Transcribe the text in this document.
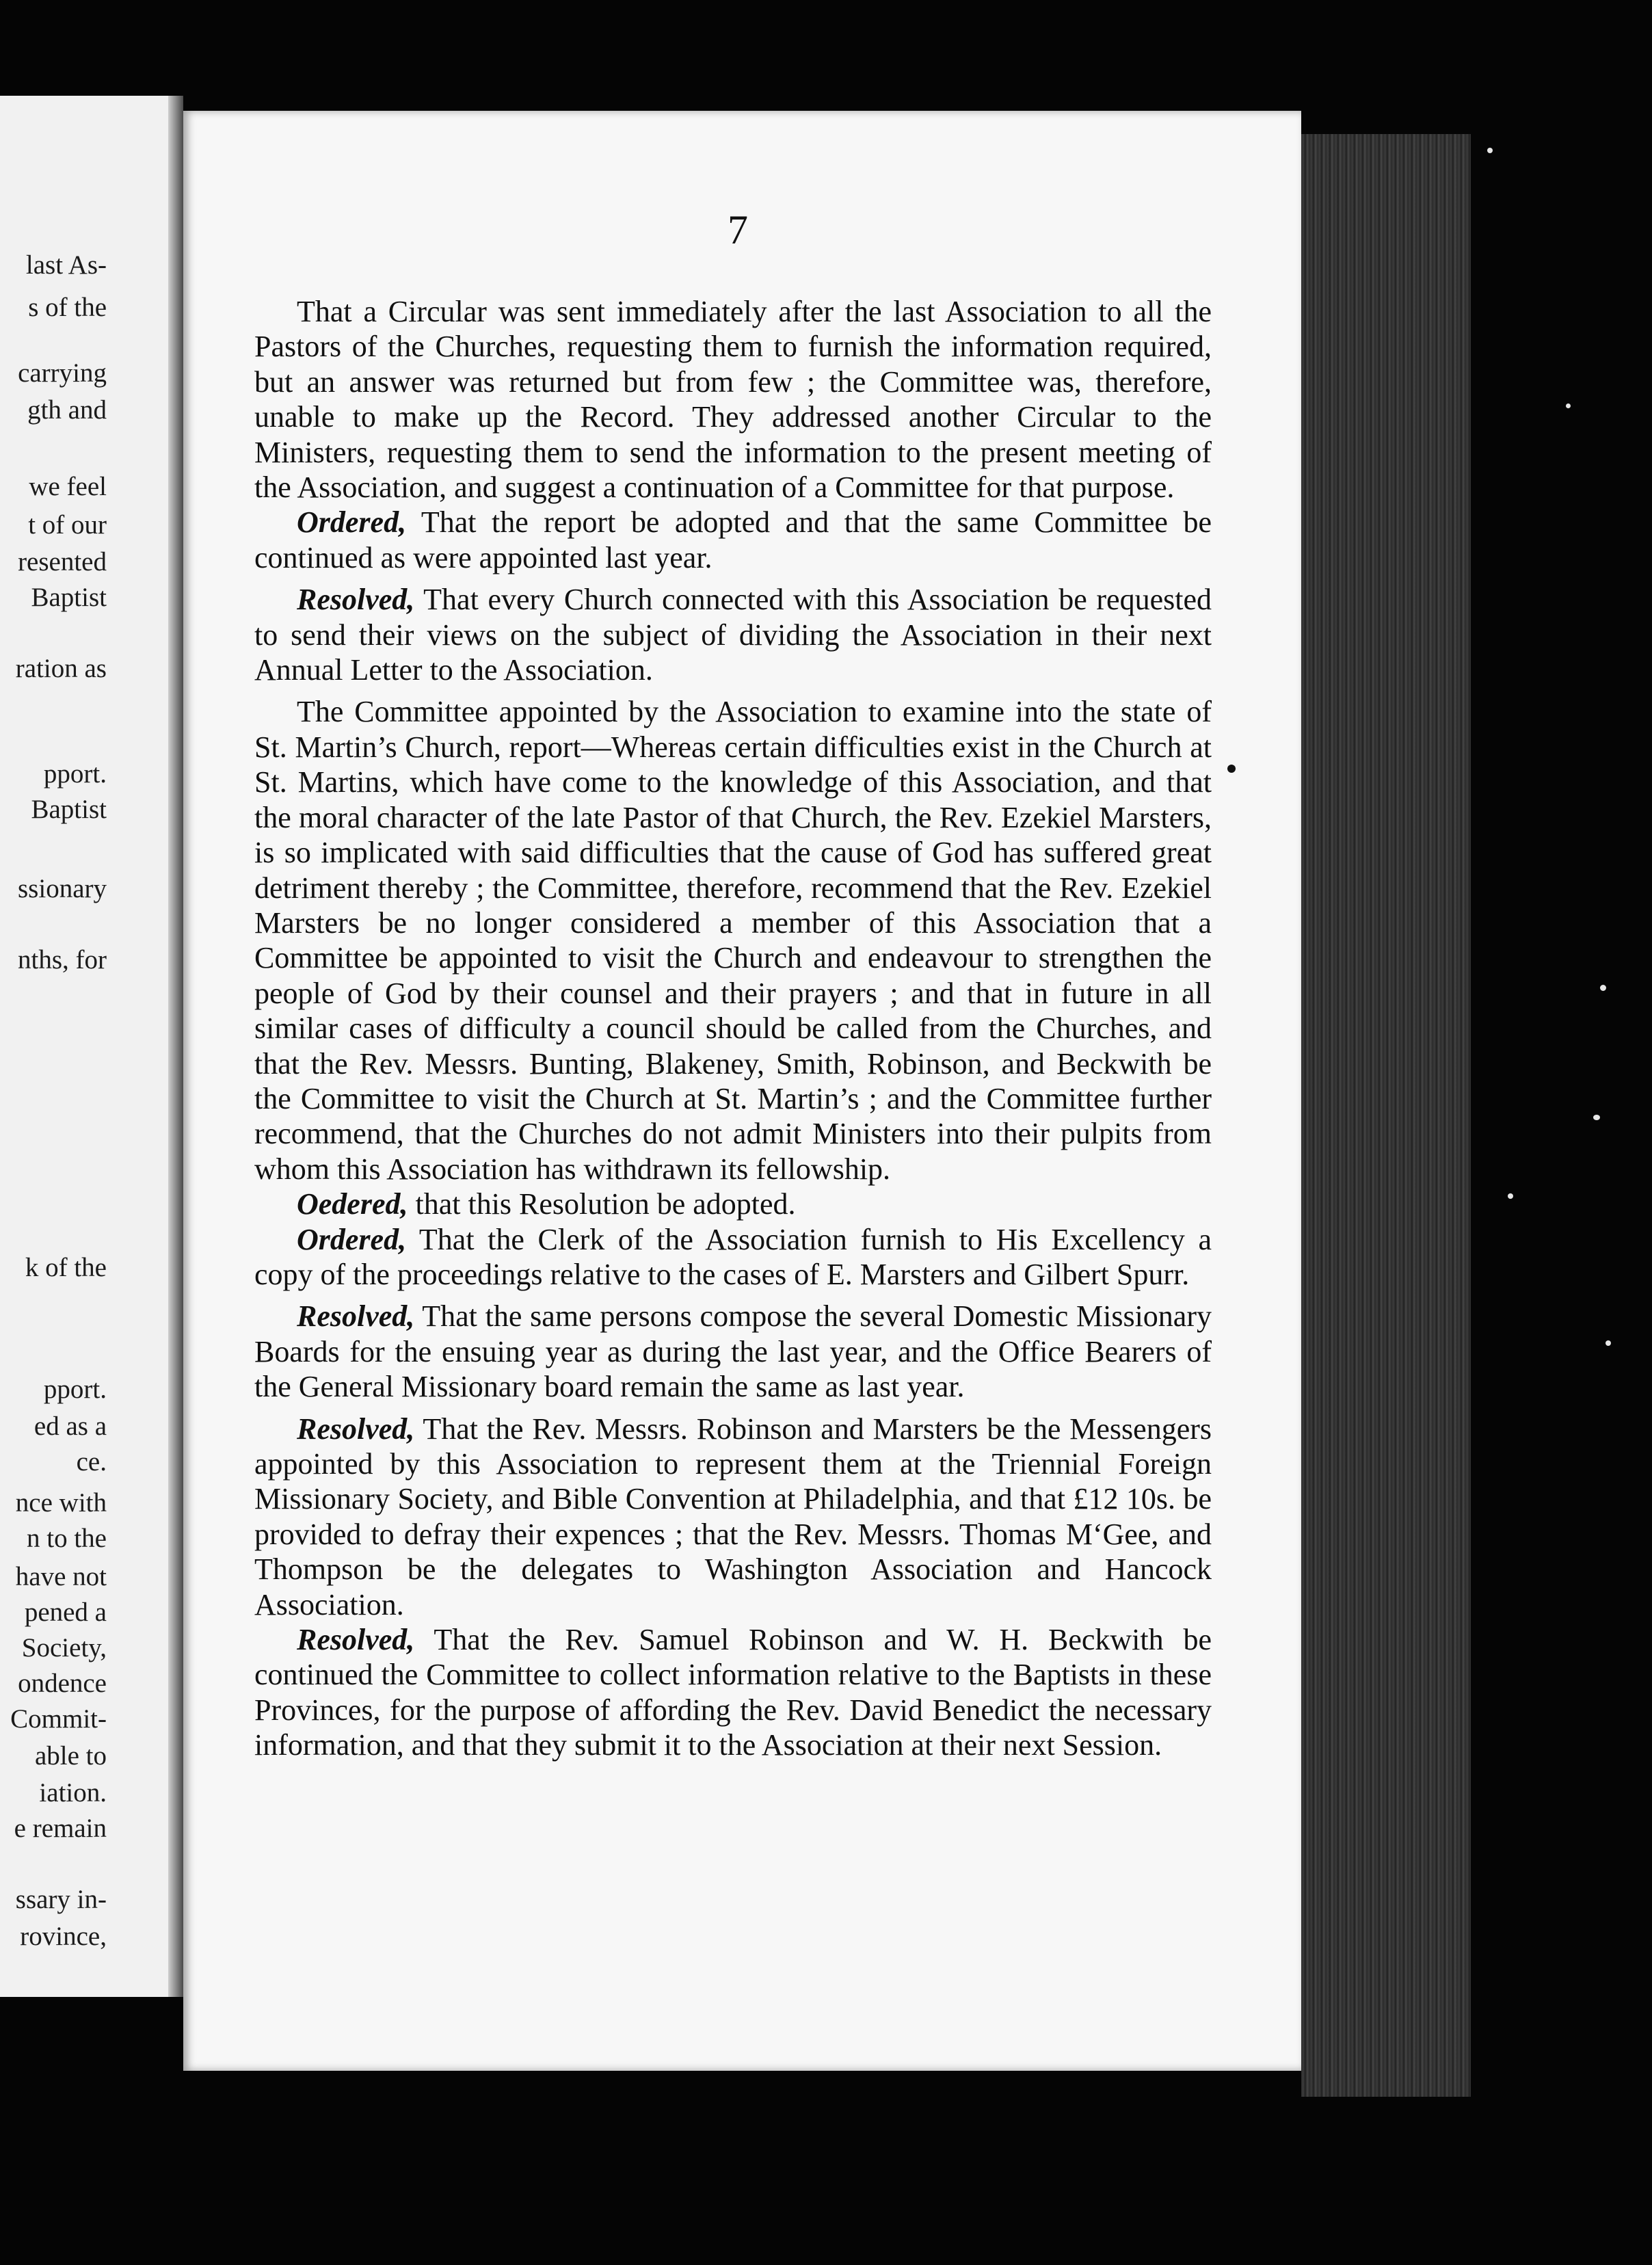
last As-
s of the
carrying
gth and
we feel
t of our
resented
Baptist
ration as
pport.
Baptist
ssionary
nths, for
k of the
pport.
ed as a
ce.
nce with
n to the
have not
pened a
Society,
ondence
Commit-
able to
iation.
e remain
ssary in-
rovince,
7

That a Circular was sent immediately after the last Association to all the Pastors of the Churches, requesting them to furnish the information required, but an answer was returned but from few ; the Committee was, therefore, unable to make up the Record. They addressed another Circular to the Ministers, requesting them to send the information to the present meeting of the Association, and suggest a continuation of a Committee for that purpose.

Ordered, That the report be adopted and that the same Committee be continued as were appointed last year.

Resolved, That every Church connected with this Association be requested to send their views on the subject of dividing the Association in their next Annual Letter to the Association.

The Committee appointed by the Association to examine into the state of St. Martin’s Church, report—Whereas certain difficulties exist in the Church at St. Martins, which have come to the knowledge of this Association, and that the moral character of the late Pastor of that Church, the Rev. Ezekiel Marsters, is so implicated with said difficulties that the cause of God has suffered great detriment thereby ; the Committee, therefore, recommend that the Rev. Ezekiel Marsters be no longer considered a member of this Association that a Committee be appointed to visit the Church and endeavour to strengthen the people of God by their counsel and their prayers ; and that in future in all similar cases of difficulty a council should be called from the Churches, and that the Rev. Messrs. Bunting, Blakeney, Smith, Robinson, and Beckwith be the Committee to visit the Church at St. Martin’s ; and the Committee further recommend, that the Churches do not admit Ministers into their pulpits from whom this Association has withdrawn its fellowship.

Oedered, that this Resolution be adopted.

Ordered, That the Clerk of the Association furnish to His Excellency a copy of the proceedings relative to the cases of E. Marsters and Gilbert Spurr.

Resolved, That the same persons compose the several Domestic Missionary Boards for the ensuing year as during the last year, and the Office Bearers of the General Missionary board remain the same as last year.

Resolved, That the Rev. Messrs. Robinson and Marsters be the Messengers appointed by this Association to represent them at the Triennial Foreign Missionary Society, and Bible Convention at Philadelphia, and that £12 10s. be provided to defray their expences ; that the Rev. Messrs. Thomas M‘Gee, and Thompson be the delegates to Washington Association and Hancock Association.

Resolved, That the Rev. Samuel Robinson and W. H. Beckwith be continued the Committee to collect information relative to the Baptists in these Provinces, for the purpose of affording the Rev. David Benedict the necessary information, and that they submit it to the Association at their next Session.
